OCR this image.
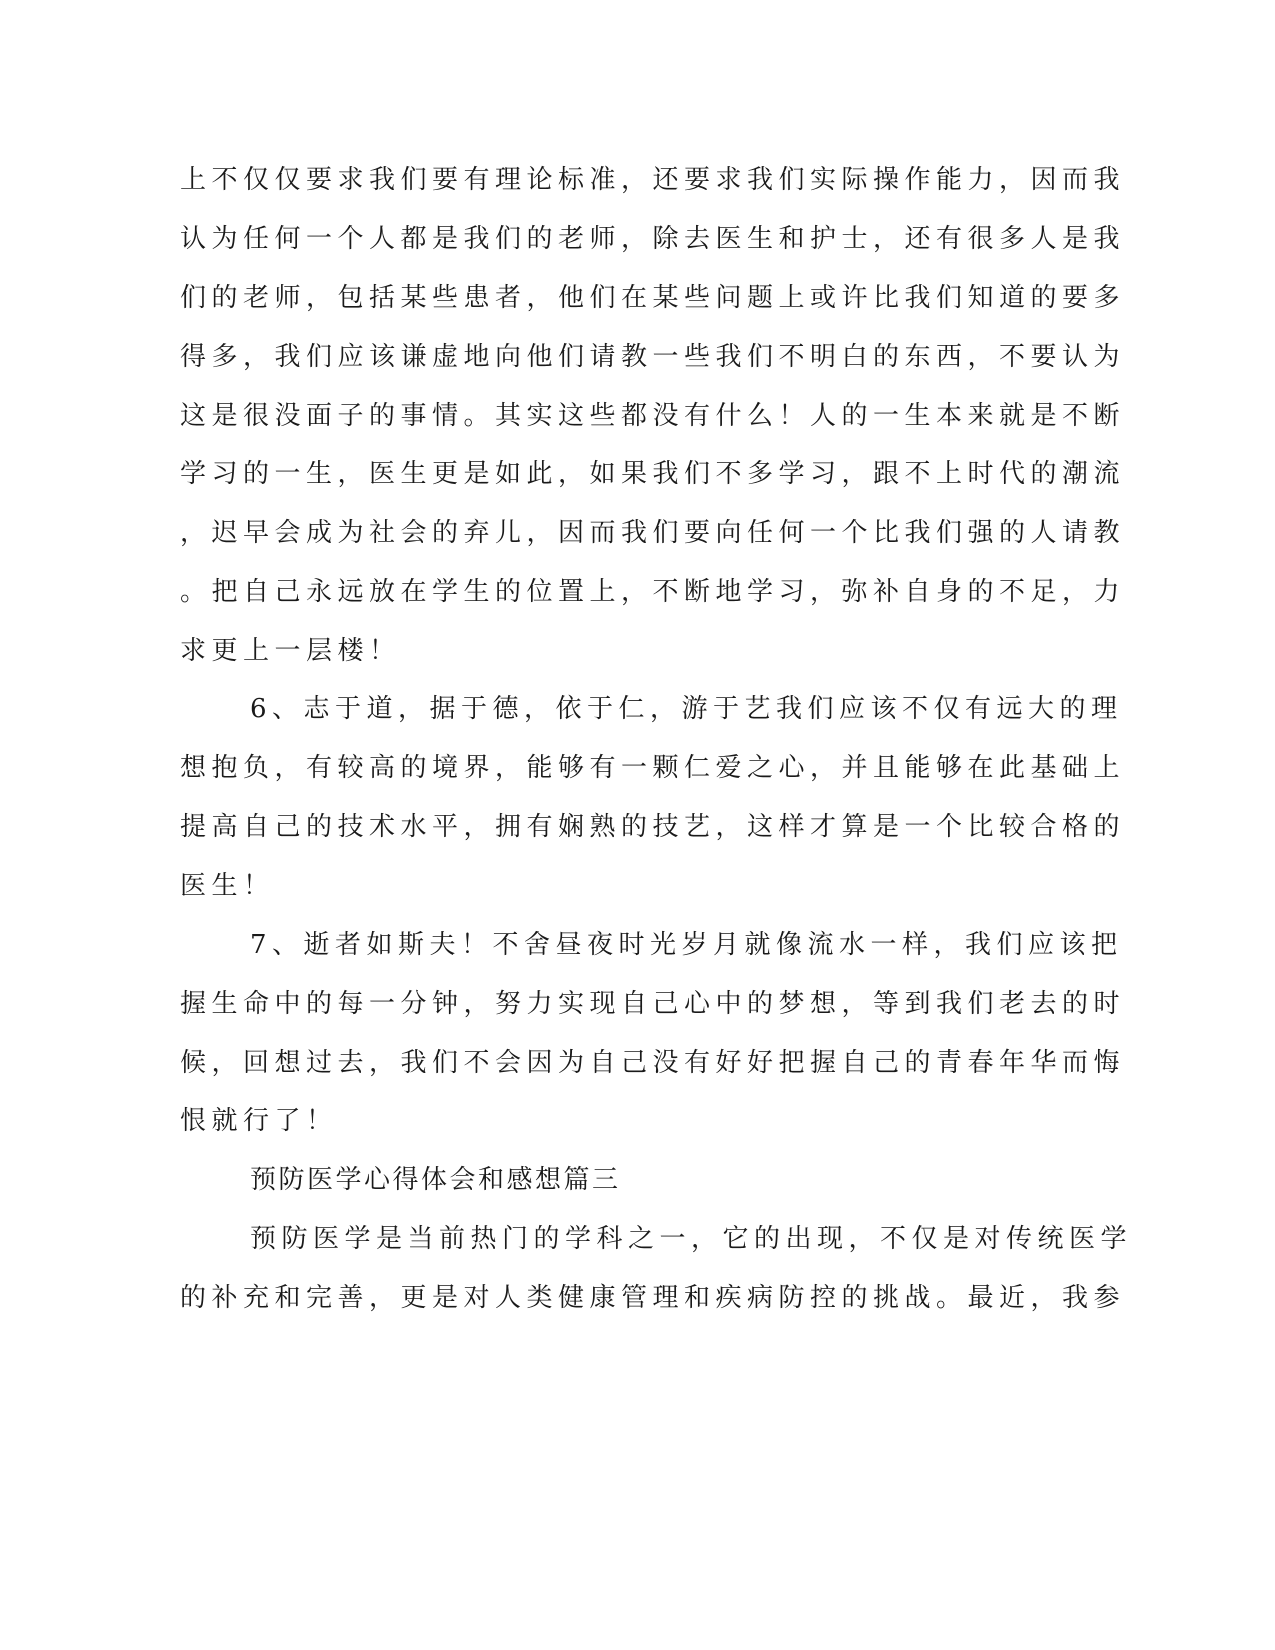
上不仅仅要求我们要有理论标准，还要求我们实际操作能力，因而我
认为任何一个人都是我们的老师，除去医生和护士，还有很多人是我
们的老师，包括某些患者，他们在某些问题上或许比我们知道的要多
得多，我们应该谦虚地向他们请教一些我们不明白的东西，不要认为
这是很没面子的事情。其实这些都没有什么！人的一生本来就是不断
学习的一生，医生更是如此，如果我们不多学习，跟不上时代的潮流
，迟早会成为社会的弃儿，因而我们要向任何一个比我们强的人请教
。把自己永远放在学生的位置上，不断地学习，弥补自身的不足，力
求更上一层楼！
6、志于道，据于德，依于仁，游于艺我们应该不仅有远大的理
想抱负，有较高的境界，能够有一颗仁爱之心，并且能够在此基础上
提高自己的技术水平，拥有娴熟的技艺，这样才算是一个比较合格的
医生！
7、逝者如斯夫！不舍昼夜时光岁月就像流水一样，我们应该把
握生命中的每一分钟，努力实现自己心中的梦想，等到我们老去的时
候，回想过去，我们不会因为自己没有好好把握自己的青春年华而悔
恨就行了！
预防医学心得体会和感想篇三
预防医学是当前热门的学科之一，它的出现，不仅是对传统医学
的补充和完善，更是对人类健康管理和疾病防控的挑战。最近，我参
